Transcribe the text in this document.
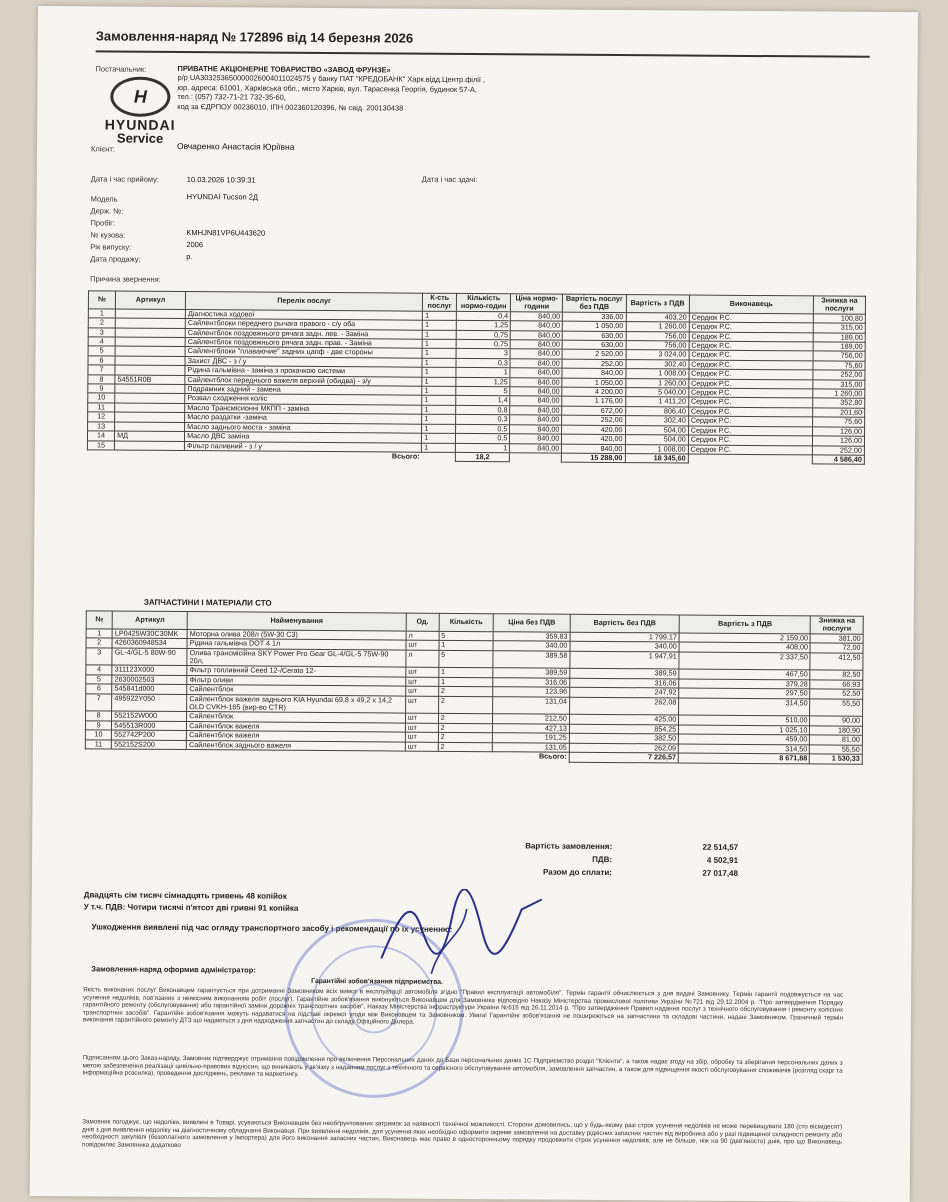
Замовлення-наряд № 172896 від 14 березня 2026
H
HYUNDAI
Service
Постачальник:	ПРИВАТНЕ АКЦІОНЕРНЕ ТОВАРИСТВО «ЗАВОД ФРУНЗЕ»
р/р UA303253650000026004011024575 у банку ПАТ "КРЕДОБАНК" Харк.відд.Центр.філії ,
юр. адреса: 61001, Харківська обл., місто Харків, вул. Тарасенка Георгія, будинок 57-А,
тел.: (057) 732-71-21 732-35-60,
код за ЄДРПОУ 00236010, ІПН 002360120396, № свід. 200130438
Клієнт:	Овчаренко Анастасія Юріївна
Дата і час прийому:	10.03.2026 10:39:31	Дата і час здачі:
Модель	HYUNDAI Tucson 2Д
Держ. №:
Пробіг:
№ кузова:	KMHJN81VP6U443620
Рік випуску:	2006
Дата продажу:	р.
Причина звернення:
№	Артикул	Перелік послуг	К-сть послуг	Кількість нормо-годин	Ціна нормо-години	Вартість послуг без ПДВ	Вартість з ПДВ	Виконавець	Знижка на послуги
1		Діагностика ходової	1	0,4	840,00	336,00	403,20	Сердюк Р.С.	100,80
2		Сайлентблоки переднего рычага правого - с/у оба	1	1,25	840,00	1 050,00	1 260,00	Сердюк Р.С.	315,00
3		Сайлентблок поздовжнього рячага задн. лев. - Заміна	1	0,75	840,00	630,00	756,00	Сердюк Р.С.	189,00
4		Сайлентблок поздовжнього рячага задн. прав. - Заміна	1	0,75	840,00	630,00	756,00	Сердюк Р.С.	189,00
5		Сайлентблоки "плаваючие" задних цапф - две стороны	1	3	840,00	2 520,00	3 024,00	Сердюк Р.С.	756,00
6		Захист ДВС - з / у	1	0,3	840,00	252,00	302,40	Сердюк Р.С.	75,60
7		Рідина гальмівна - заміна з прокачкою системи	1	1	840,00	840,00	1 008,00	Сердюк Р.С.	252,00
8	54551R0B	Сайлентблок переднього важеля верхній (обидва) - з/у	1	1,25	840,00	1 050,00	1 260,00	Сердюк Р.С.	315,00
9		Подрамник задний - замена	1	5	840,00	4 200,00	5 040,00	Сердюк Р.С.	1 260,00
10		Розвал сходження коліс	1	1,4	840,00	1 176,00	1 411,20	Сердюк Р.С.	352,80
11		Масло Трансмісионні МКПП - заміна	1	0,8	840,00	672,00	806,40	Сердюк Р.С.	201,60
12		Масло раздатки -замiна	1	0,3	840,00	252,00	302,40	Сердюк Р.С.	75,60
13		Масло заднього моста - заміна	1	0,5	840,00	420,00	504,00	Сердюк Р.С.	126,00
14	МД	Масло ДВС заміна	1	0,5	840,00	420,00	504,00	Сердюк Р.С.	126,00
15		Фільтр паливний - з / у	1	1	840,00	840,00	1 008,00	Сердюк Р.С.	252,00
		Всього:		18,2		15 288,00	18 345,60		4 586,40
ЗАПЧАСТИНИ І МАТЕРІАЛИ СТО
№	Артикул	Найменування	Од.	Кількість	Ціна без ПДВ	Вартість без ПДВ	Вартість з ПДВ	Знижка на послуги
1	LP0425W30C30MK	Моторна олива 208л (5W-30 C3)	л	5	359,83	1 799,17	2 159,00	381,00
2	4260360948534	Рідина гальмівна DOT 4 1л	шт	1	340,00	340,00	408,00	72,00
3	GL-4/GL-5 80W-90	Олива трансмісійна SKY Power Pro Gear GL-4/GL-5 75W-90 20л,	л	5	389,58	1 947,91	2 337,50	412,50
4	311123X000	Фільтр топливний Ceed 12-/Cerato 12-	шт	1	389,59	389,59	467,50	82,50
5	2630002503	Фільтр оливи	шт	1	316,06	316,06	379,28	66,93
6	545841d000	Сайлентблок	шт	2	123,96	247,92	297,50	52,50
7	495922Y050	Сайлентблок важеля заднього KIA Hyundai 69,8 x 49,2 x 14,2 OLD CVKH-165 (вир-во CTR)	шт	2	131,04	262,08	314,50	55,50
8	552152W000	Сайлентблок	шт	2	212,50	425,00	510,00	90,00
9	545513R000	Сайлентблок важеля	шт	2	427,13	854,25	1 025,10	180,90
10	552742P200	Сайлентблок важеля	шт	2	191,25	382,50	459,00	81,00
11	552152S200	Сайлентблок заднього важеля	шт	2	131,05	262,09	314,50	55,50
				Всього:		7 226,57	8 671,88	1 530,33
Вартість замовлення:	22 514,57
ПДВ:	4 502,91
Разом до сплати:	27 017,48
Двадцять сім тисяч сімнадцять гривень 48 копійок
У т.ч. ПДВ: Чотири тисячі п'ятсот дві гривні 91 копійка
Ушкодження виявлені під час огляду транспортного засобу і рекомендації по їх усуненню:
Замовлення-наряд оформив адміністратор:
Гарантійні зобов'язання підприємства.
Якість виконаних послуг Виконавцем гарантується при дотриманні Замовником всіх вимог в експлуатації автомобіля згідно "Правил експлуатації автомобіля". Термін гарантії обчислюється з дня видачі Замовнику. Термін гарантії подовжується на час усунення недоліків, пов'язаних з неякісним виконанням робіт (послуг). Гарантійне зобов'язання виконуються Виконавцем для Замовника відповідно Наказу Міністерства промислової політики України №721 від 29.12.2004 р. "Про затвердження Порядку гарантійного ремонту (обслуговування) або гарантійної заміни дорожніх транспортних засобів", Наказу Міністерства інфраструктури України №615 від 26.11.2014 р. "Про затвердження Правил надання послуг з технічного обслуговування і ремонту колісних транспортних засобів". Гарантійні зобов'язання можуть надаватися на підставі окремої угоди між Виконавцем та Замовником. Увага! Гарантійні зобов'язання не поширюються на запчастини та складові частини, надані Замовником. Граничний термін виконання гарантійного ремонту ДТЗ що надаються з дня надходження запчастин до складу Офіційного Дилера.
Підписанням цього Заказ-наряду, Замовник підтверджує отримання повідомлення про включення Персональних даних до Бази персональних даних 1С Підприємство розділ "Клієнти", а також надає згоду на збір, обробку та зберігання персональних даних з метою забезпечення реалізації цивільно-правових відносин, що виникають у зв'язку з наданням послуг з технічного та сервісного обслуговування автомобіля, замовлення запчастин, а також для підвищення якості обслуговування споживачів (розгляд скарг та інформаційна розсилка), проведення досліджень, реклами та маркетингу.
Замовник погоджує, що недоліки, виявлені в Товарі, усуваються Виконавцем без необґрунтованих затримок за наявності технічної можливості. Сторони домовились, що у будь-якому разі строк усунення недоліків не може перевищувати 180 (сто вісімдесят) днів з дня виявлення недоліку на діагностичному обладнанні Виконавця. При виявленні недоліків, для усунення яких необхідно оформити окреме замовлення на доставку рідкісних запасних частин від виробника або у разі підвищеної складності ремонту або необхідності закупівлі (безоплатного замовлення у Імпортера) для його виконання запасних частин, Виконавець має право в односторонньому порядку продовжити строк усунення недоліків, але не більше, ніж на 90 (дев'яносто) днів, про що Виконавець повідомляє Замовника додатково
